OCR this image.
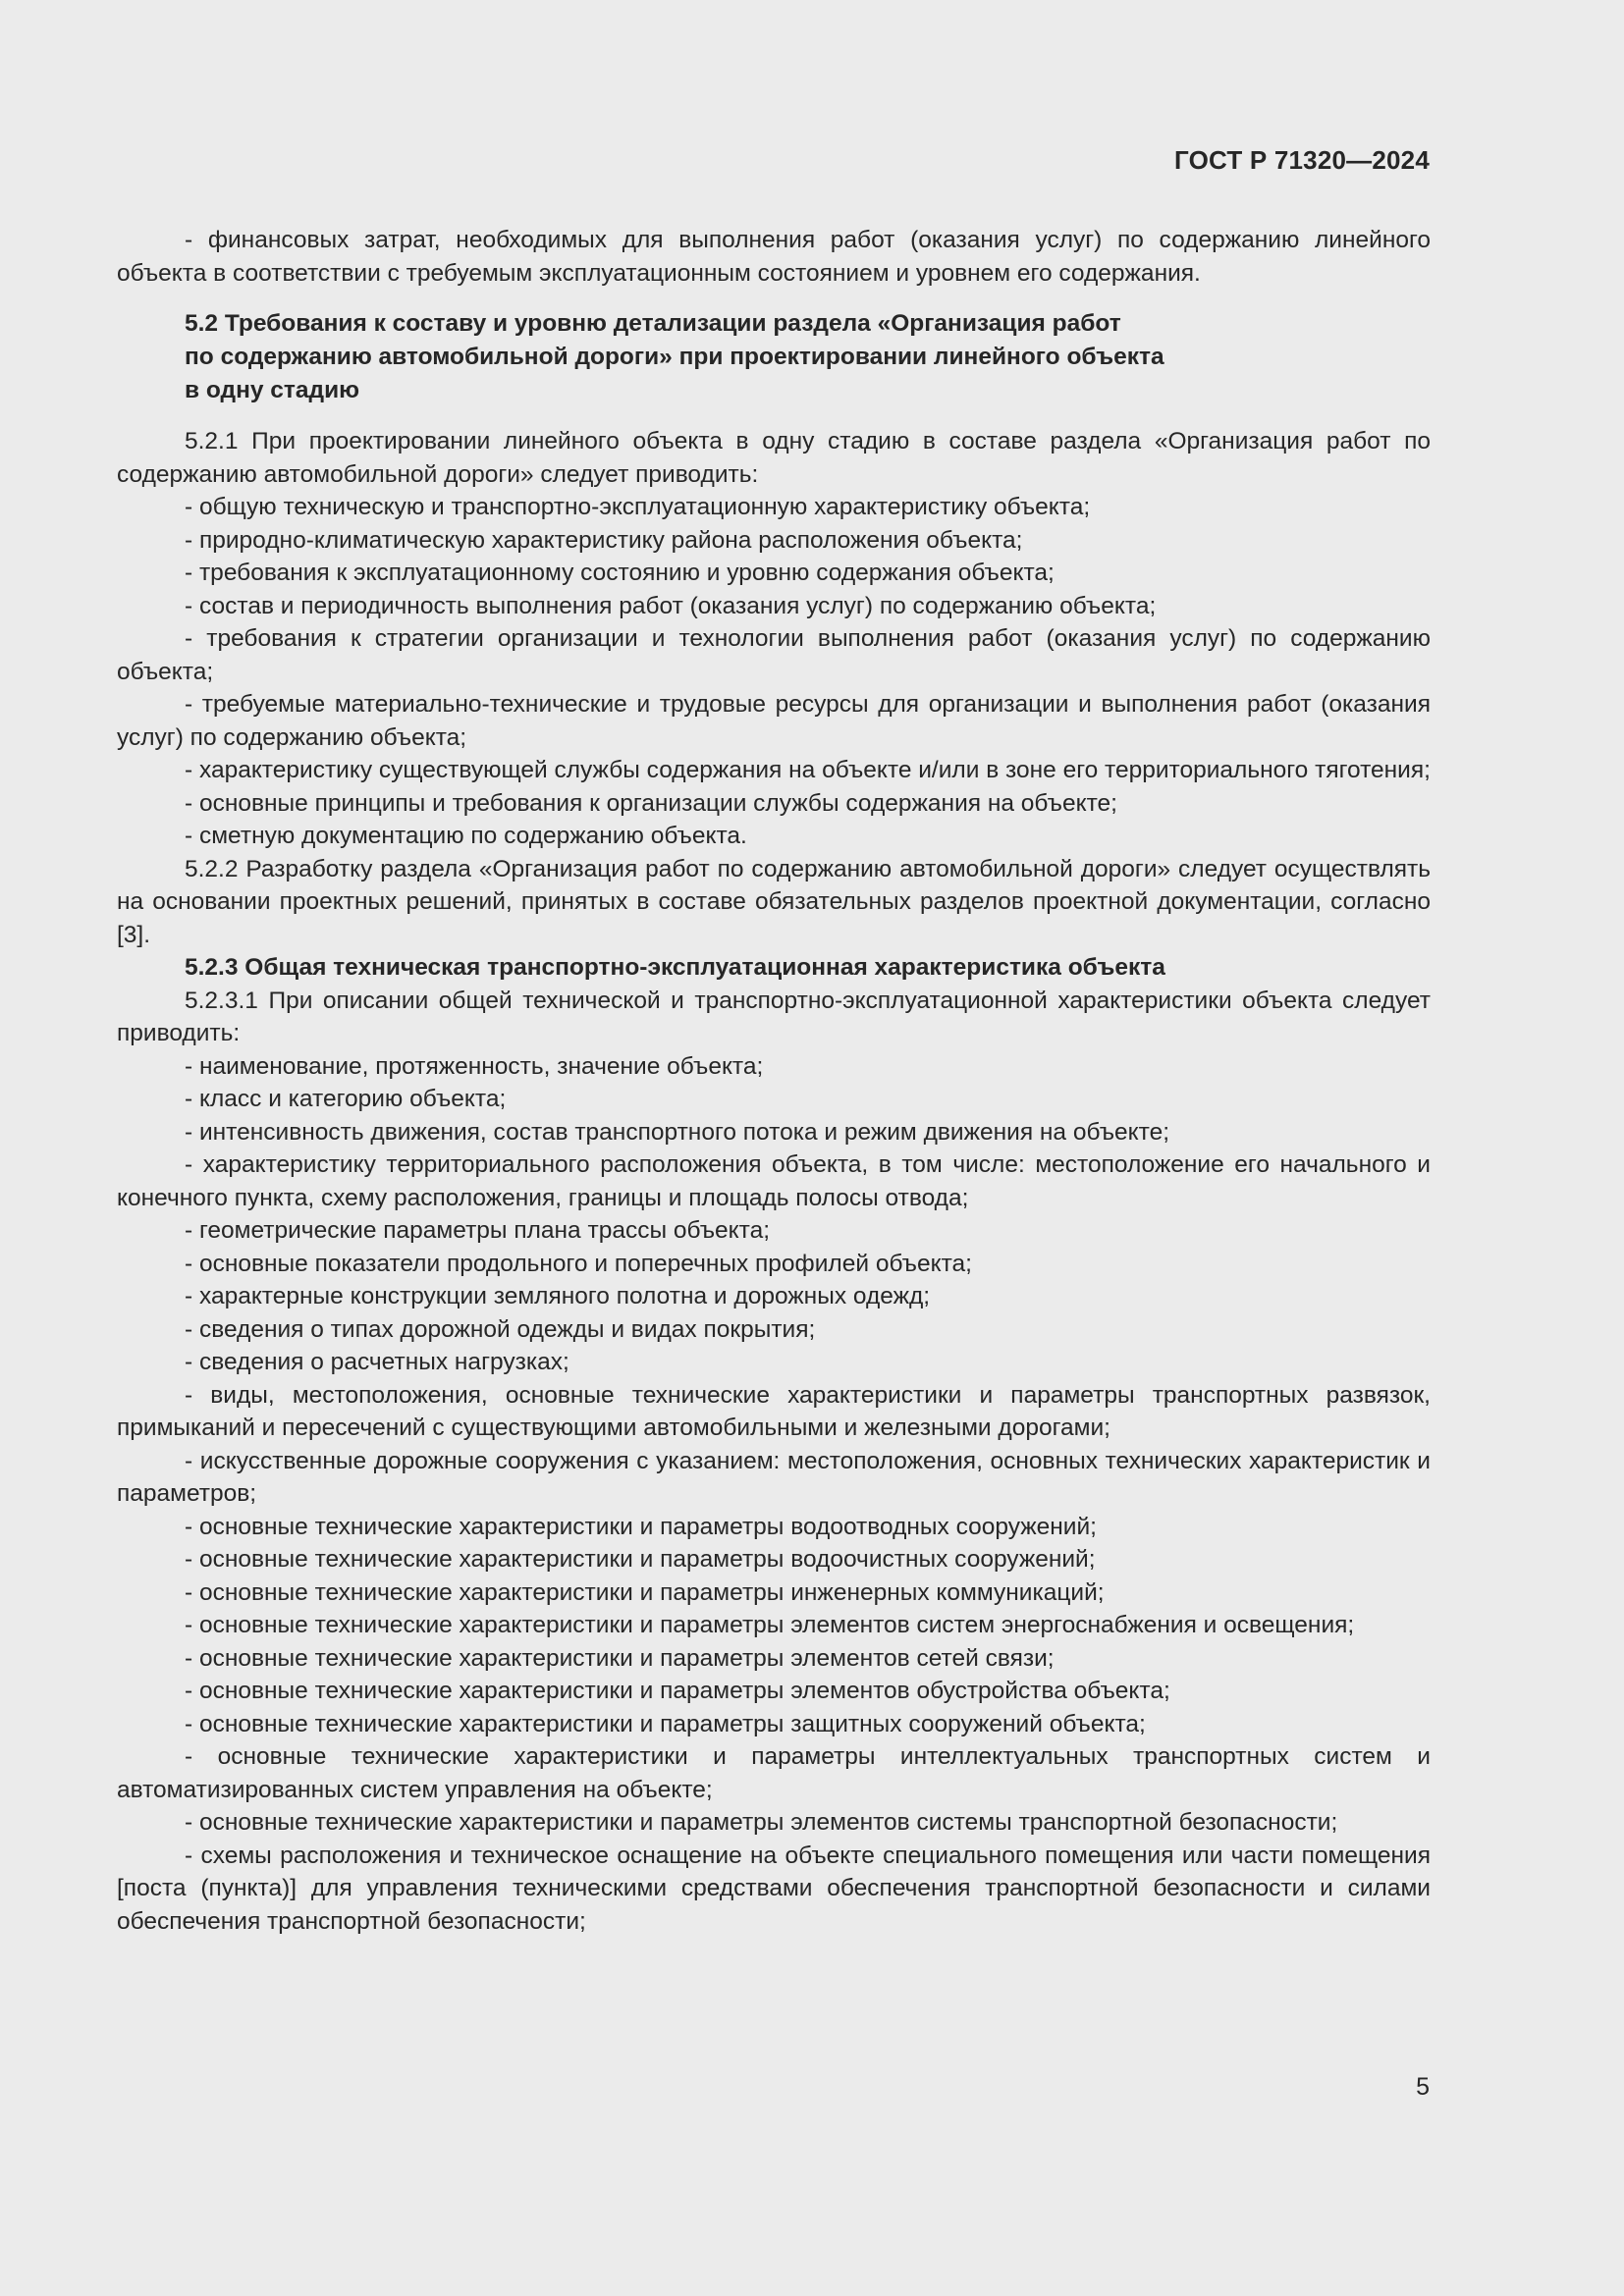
ГОСТ Р 71320—2024

- финансовых затрат, необходимых для выполнения работ (оказания услуг) по содержанию линейного объекта в соответствии с требуемым эксплуатационным состоянием и уровнем его содержания.

5.2 Требования к составу и уровню детализации раздела «Организация работ
по содержанию автомобильной дороги» при проектировании линейного объекта
в одну стадию

5.2.1 При проектировании линейного объекта в одну стадию в составе раздела «Организация работ по содержанию автомобильной дороги» следует приводить:

- общую техническую и транспортно-эксплуатационную характеристику объекта;

- природно-климатическую характеристику района расположения объекта;

- требования к эксплуатационному состоянию и уровню содержания объекта;

- состав и периодичность выполнения работ (оказания услуг) по содержанию объекта;

- требования к стратегии организации и технологии выполнения работ (оказания услуг) по содержанию объекта;

- требуемые материально-технические и трудовые ресурсы для организации и выполнения работ (оказания услуг) по содержанию объекта;

- характеристику существующей службы содержания на объекте и/или в зоне его территориального тяготения;

- основные принципы и требования к организации службы содержания на объекте;

- сметную документацию по содержанию объекта.

5.2.2 Разработку раздела «Организация работ по содержанию автомобильной дороги» следует осуществлять на основании проектных решений, принятых в составе обязательных разделов проектной документации, согласно [3].

5.2.3 Общая техническая транспортно-эксплуатационная характеристика объекта

5.2.3.1 При описании общей технической и транспортно-эксплуатационной характеристики объекта следует приводить:

- наименование, протяженность, значение объекта;

- класс и категорию объекта;

- интенсивность движения, состав транспортного потока и режим движения на объекте;

- характеристику территориального расположения объекта, в том числе: местоположение его начального и конечного пункта, схему расположения, границы и площадь полосы отвода;

- геометрические параметры плана трассы объекта;

- основные показатели продольного и поперечных профилей объекта;

- характерные конструкции земляного полотна и дорожных одежд;

- сведения о типах дорожной одежды и видах покрытия;

- сведения о расчетных нагрузках;

- виды, местоположения, основные технические характеристики и параметры транспортных развязок, примыканий и пересечений с существующими автомобильными и железными дорогами;

- искусственные дорожные сооружения с указанием: местоположения, основных технических характеристик и параметров;

- основные технические характеристики и параметры водоотводных сооружений;

- основные технические характеристики и параметры водоочистных сооружений;

- основные технические характеристики и параметры инженерных коммуникаций;

- основные технические характеристики и параметры элементов систем энергоснабжения и освещения;

- основные технические характеристики и параметры элементов сетей связи;

- основные технические характеристики и параметры элементов обустройства объекта;

- основные технические характеристики и параметры защитных сооружений объекта;

- основные технические характеристики и параметры интеллектуальных транспортных систем и автоматизированных систем управления на объекте;

- основные технические характеристики и параметры элементов системы транспортной безопасности;

- схемы расположения и техническое оснащение на объекте специального помещения или части помещения [поста (пункта)] для управления техническими средствами обеспечения транспортной безопасности и силами обеспечения транспортной безопасности;

5
